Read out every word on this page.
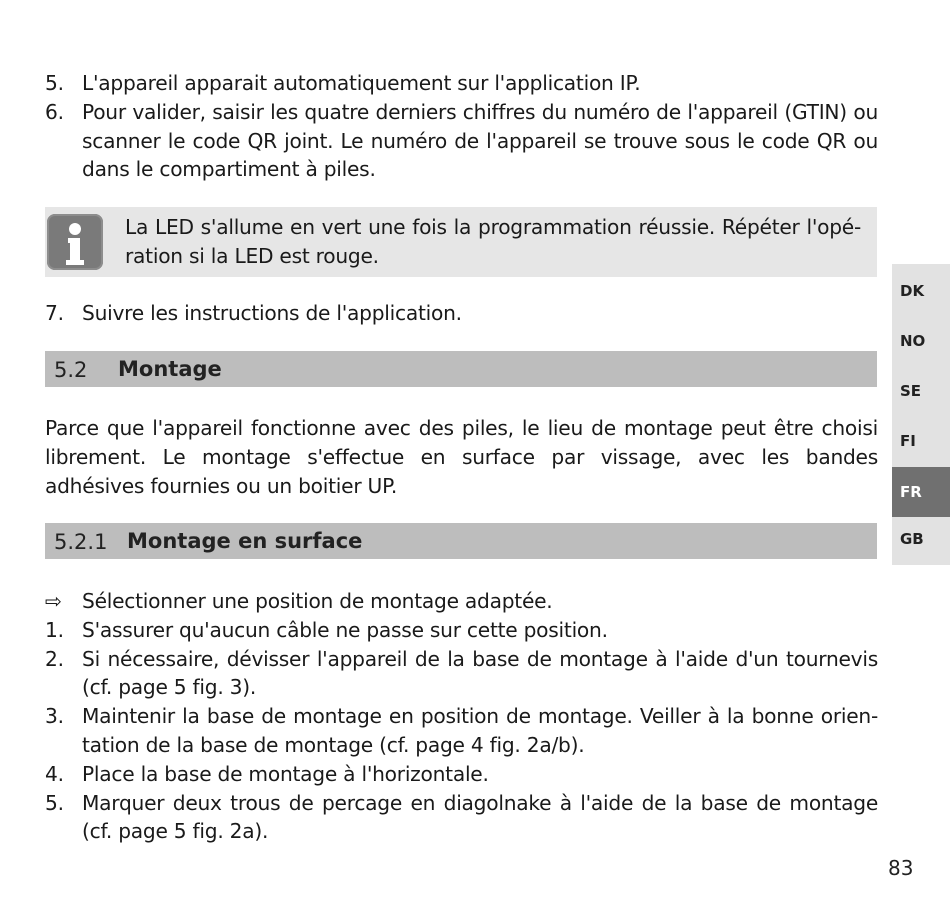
5. L'appareil apparait automatiquement sur l'application IP.
6. Pour valider, saisir les quatre derniers chiffres du numéro de l'appareil (GTIN) ou scanner le code QR joint. Le numéro de l'appareil se trouve sous le code QR ou dans le compartiment à piles.
La LED s'allume en vert une fois la programmation réussie. Répéter l'opé-ration si la LED est rouge.
7. Suivre les instructions de l'application.
5.2 Montage

Parce que l'appareil fonctionne avec des piles, le lieu de montage peut être choisi librement. Le montage s'effectue en surface par vissage, avec les bandes adhésives fournies ou un boitier UP.

5.2.1 Montage en surface
⇨	Sélectionner une position de montage adaptée.
1. S'assurer qu'aucun câble ne passe sur cette position.
2. Si nécessaire, dévisser l'appareil de la base de montage à l'aide d'un tournevis (cf. page 5 fig. 3).
3. Maintenir la base de montage en position de montage. Veiller à la bonne orien-tation de la base de montage (cf. page 4 fig. 2a/b).
4. Place la base de montage à l'horizontale.
5. Marquer deux trous de percage en diagolnake à l'aide de la base de montage (cf. page 5 fig. 2a).
DK
NO
SE
FI
FR
GB
83
